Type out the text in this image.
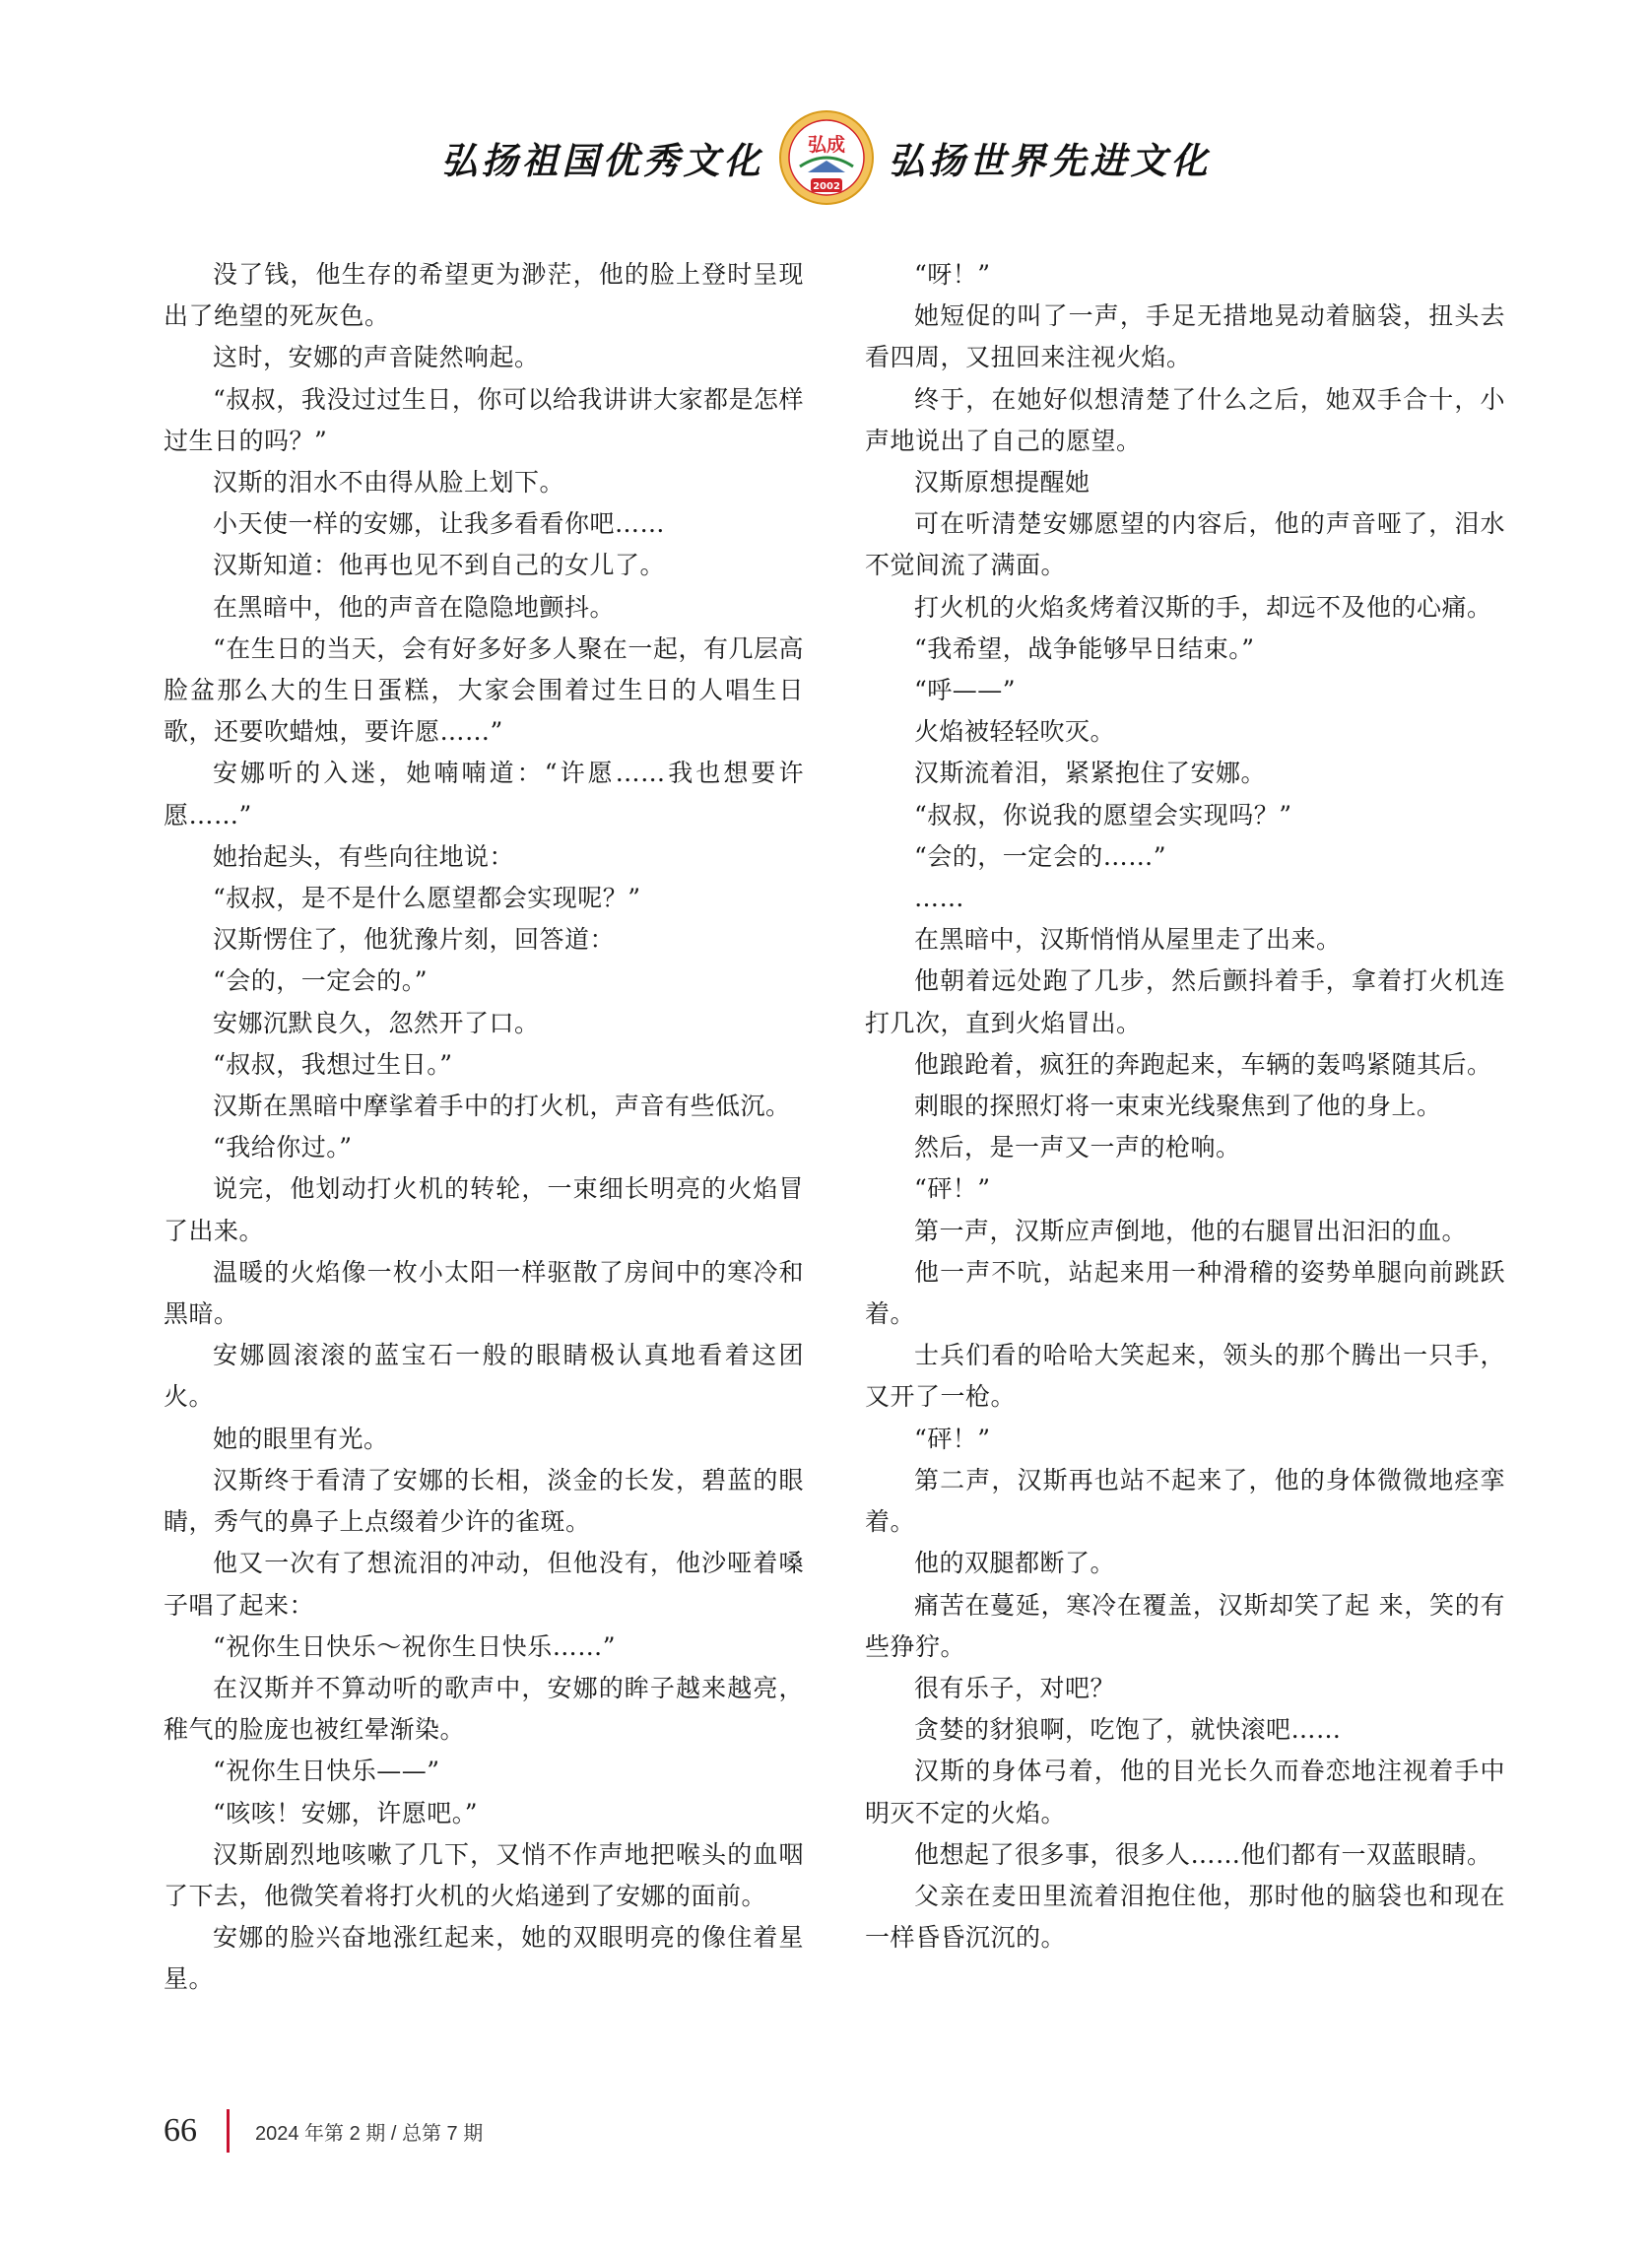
弘扬祖国优秀文化 弘成
2002
弘扬世界先进文化

没了钱，他生存的希望更为渺茫，他的脸上登时呈现出了绝望的死灰色。

这时，安娜的声音陡然响起。

“叔叔，我没过过生日，你可以给我讲讲大家都是怎样过生日的吗？”

汉斯的泪水不由得从脸上划下。

小天使一样的安娜，让我多看看你吧……

汉斯知道：他再也见不到自己的女儿了。

在黑暗中，他的声音在隐隐地颤抖。

“在生日的当天，会有好多好多人聚在一起，有几层高脸盆那么大的生日蛋糕，大家会围着过生日的人唱生日歌，还要吹蜡烛，要许愿……”

安娜听的入迷，她喃喃道：“许愿……我也想要许愿……”

她抬起头，有些向往地说：

“叔叔，是不是什么愿望都会实现呢？”

汉斯愣住了，他犹豫片刻，回答道：

“会的，一定会的。”

安娜沉默良久，忽然开了口。

“叔叔，我想过生日。”

汉斯在黑暗中摩挲着手中的打火机，声音有些低沉。

“我给你过。”

说完，他划动打火机的转轮，一束细长明亮的火焰冒了出来。

温暖的火焰像一枚小太阳一样驱散了房间中的寒冷和黑暗。

安娜圆滚滚的蓝宝石一般的眼睛极认真地看着这团火。

她的眼里有光。

汉斯终于看清了安娜的长相，淡金的长发，碧蓝的眼睛，秀气的鼻子上点缀着少许的雀斑。

他又一次有了想流泪的冲动，但他没有，他沙哑着嗓子唱了起来：

“祝你生日快乐～祝你生日快乐……”

在汉斯并不算动听的歌声中，安娜的眸子越来越亮，稚气的脸庞也被红晕渐染。

“祝你生日快乐——”

“咳咳！安娜，许愿吧。”

汉斯剧烈地咳嗽了几下，又悄不作声地把喉头的血咽了下去，他微笑着将打火机的火焰递到了安娜的面前。

安娜的脸兴奋地涨红起来，她的双眼明亮的像住着星星。

“呀！”

她短促的叫了一声，手足无措地晃动着脑袋，扭头去看四周，又扭回来注视火焰。

终于，在她好似想清楚了什么之后，她双手合十，小声地说出了自己的愿望。

汉斯原想提醒她

可在听清楚安娜愿望的内容后，他的声音哑了，泪水不觉间流了满面。

打火机的火焰炙烤着汉斯的手，却远不及他的心痛。

“我希望，战争能够早日结束。”

“呼——”

火焰被轻轻吹灭。

汉斯流着泪，紧紧抱住了安娜。

“叔叔，你说我的愿望会实现吗？”

“会的，一定会的……”

……

在黑暗中，汉斯悄悄从屋里走了出来。

他朝着远处跑了几步，然后颤抖着手，拿着打火机连打几次，直到火焰冒出。

他踉跄着，疯狂的奔跑起来，车辆的轰鸣紧随其后。

刺眼的探照灯将一束束光线聚焦到了他的身上。

然后，是一声又一声的枪响。

“砰！”

第一声，汉斯应声倒地，他的右腿冒出汩汩的血。

他一声不吭，站起来用一种滑稽的姿势单腿向前跳跃着。

士兵们看的哈哈大笑起来，领头的那个腾出一只手，又开了一枪。

“砰！”

第二声，汉斯再也站不起来了，他的身体微微地痉挛着。

他的双腿都断了。

痛苦在蔓延，寒冷在覆盖，汉斯却笑了起 来，笑的有些狰狞。

很有乐子，对吧？

贪婪的豺狼啊，吃饱了，就快滚吧……

汉斯的身体弓着，他的目光长久而眷恋地注视着手中明灭不定的火焰。

他想起了很多事，很多人……他们都有一双蓝眼睛。

父亲在麦田里流着泪抱住他，那时他的脑袋也和现在一样昏昏沉沉的。

66	2024 年第 2 期 / 总第 7 期
